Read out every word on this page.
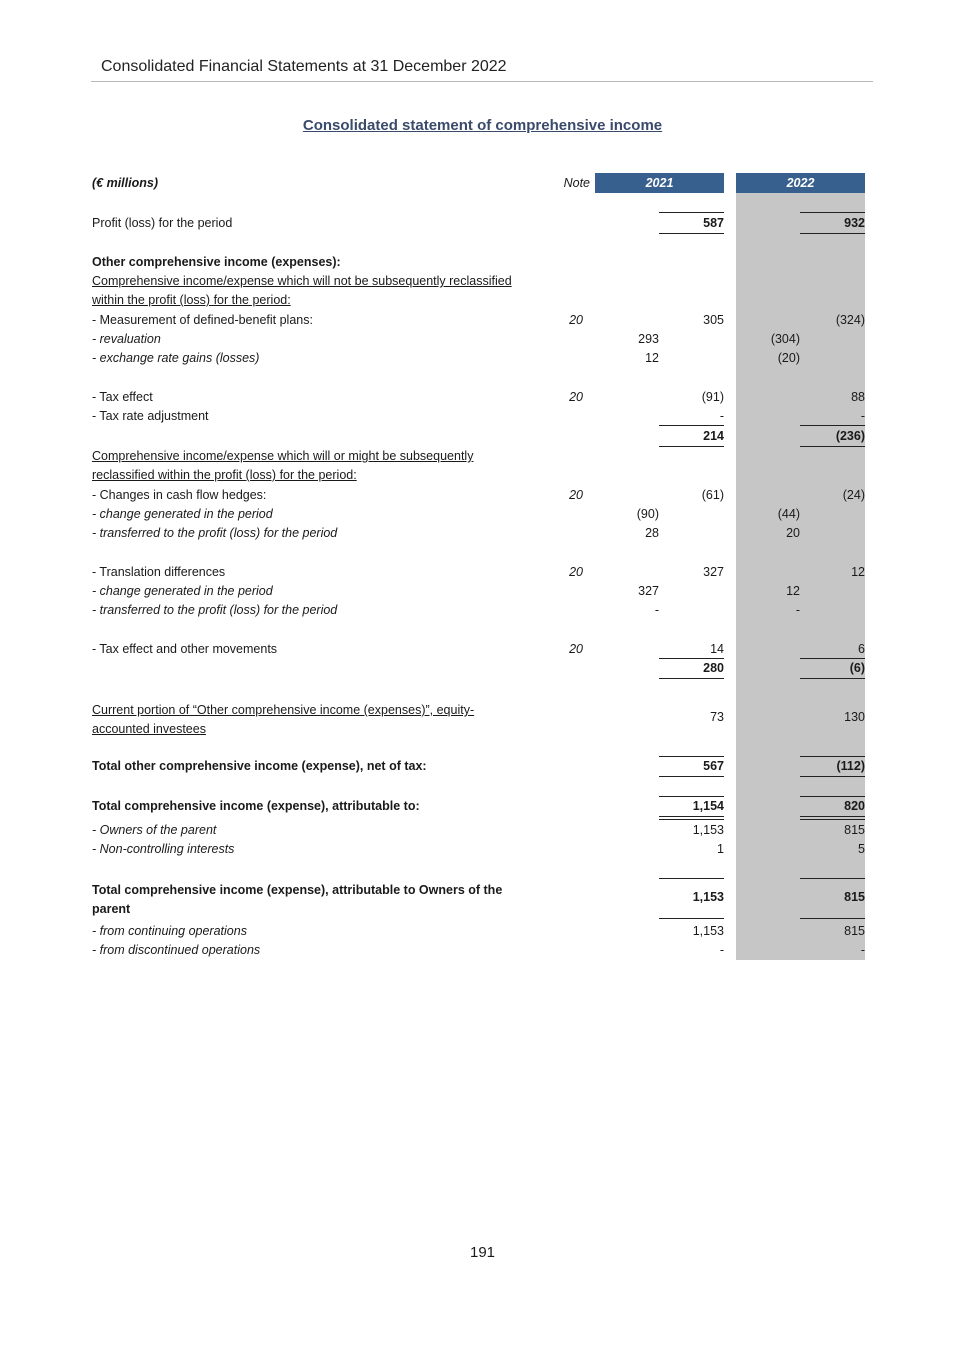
Consolidated Financial Statements at 31 December 2022
Consolidated statement of comprehensive income
(€ millions)	Note	2021	2022
Profit (loss) for the period	587	932
Other comprehensive income (expenses):
Comprehensive income/expense which will not be subsequently reclassified
within the profit (loss) for the period:
- Measurement of defined-benefit plans:	20	305	(324)
- revaluation	293	(304)
- exchange rate gains (losses)	12	(20)
- Tax effect	20	(91)	88
- Tax rate adjustment	-	-
214	(236)
Comprehensive income/expense which will or might be subsequently
reclassified within the profit (loss) for the period:
- Changes in cash flow hedges:	20	(61)	(24)
- change generated in the period	(90)	(44)
- transferred to the profit (loss) for the period	28	20
- Translation differences	20	327	12
- change generated in the period	327	12
- transferred to the profit (loss) for the period	-	-
- Tax effect and other movements	20	14	6
280	(6)
Current portion of “Other comprehensive income (expenses)”, equity-
accounted investees
73	130
Total other comprehensive income (expense), net of tax:	567	(112)
Total comprehensive income (expense), attributable to:	1,154	820
- Owners of the parent	1,153	815
- Non-controlling interests	1	5
Total comprehensive income (expense), attributable to Owners of the
parent
1,153	815
- from continuing operations	1,153	815
- from discontinued operations	-	-
191
